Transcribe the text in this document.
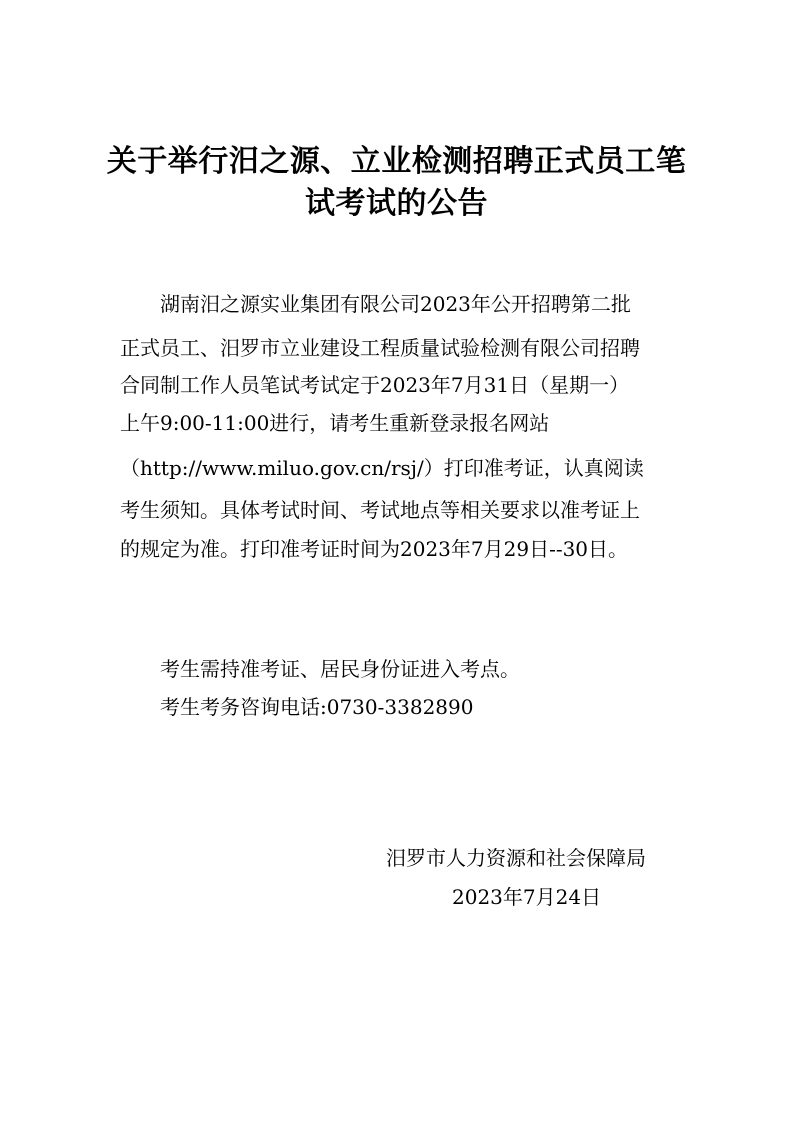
关于举行汨之源、立业检测招聘正式员工笔
试考试的公告
湖南汨之源实业集团有限公司2023年公开招聘第二批
正式员工、汨罗市立业建设工程质量试验检测有限公司招聘
合同制工作人员笔试考试定于2023年7月31日（星期一）
上午9:00-11:00进行，请考生重新登录报名网站
（http://www.miluo.gov.cn/rsj/）打印准考证，认真阅读
考生须知。具体考试时间、考试地点等相关要求以准考证上
的规定为准。打印准考证时间为2023年7月29日--30日。
考生需持准考证、居民身份证进入考点。
考生考务咨询电话:0730-3382890
汨罗市人力资源和社会保障局
2023年7月24日
